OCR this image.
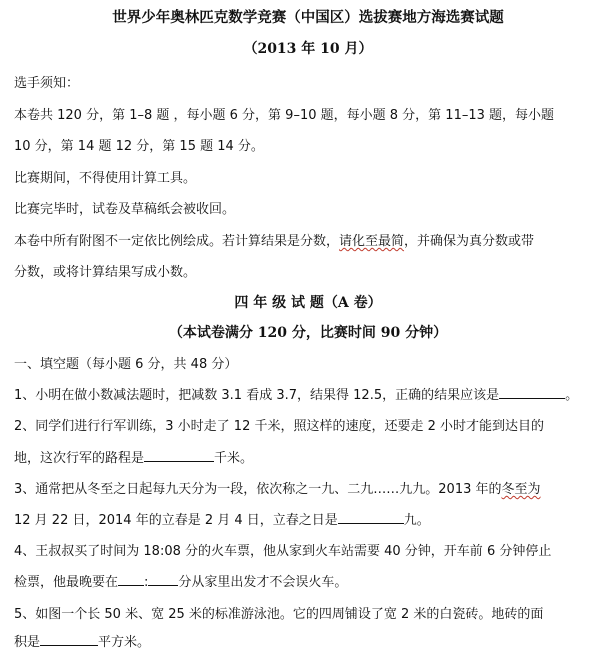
世界少年奥林匹克数学竞赛（中国区）选拔赛地方海选赛试题
（2013 年 10 月）
选手须知：
本卷共 120 分，第 1–8 题 ，每小题 6 分，第 9–10 题，每小题 8 分，第 11–13 题，每小题
10 分，第 14 题 12 分，第 15 题 14 分。
比赛期间，不得使用计算工具。
比赛完毕时，试卷及草稿纸会被收回。
本卷中所有附图不一定依比例绘成。若计算结果是分数，请化至最简，并确保为真分数或带
分数，或将计算结果写成小数。
四 年 级 试 题（A 卷）
（本试卷满分 120 分，比赛时间 90 分钟）
一、填空题（每小题 6 分，共 48 分）
1、小明在做小数减法题时，把减数 3.1 看成 3.7，结果得 12.5，正确的结果应该是	。
2、同学们进行行军训练，3 小时走了 12 千米，照这样的速度，还要走 2 小时才能到达目的
地，这次行军的路程是	千米。
3、通常把从冬至之日起每九天分为一段，依次称之一九、二九……九九。2013 年的冬至为
12 月 22 日，2014 年的立春是 2 月 4 日，立春之日是	九。
4、王叔叔买了时间为 18:08 分的火车票，他从家到火车站需要 40 分钟，开车前 6 分钟停止
检票，他最晚要在 : 分从家里出发才不会误火车。
5、如图一个长 50 米、宽 25 米的标准游泳池。它的四周铺设了宽 2 米的白瓷砖。地砖的面
积是	平方米。
